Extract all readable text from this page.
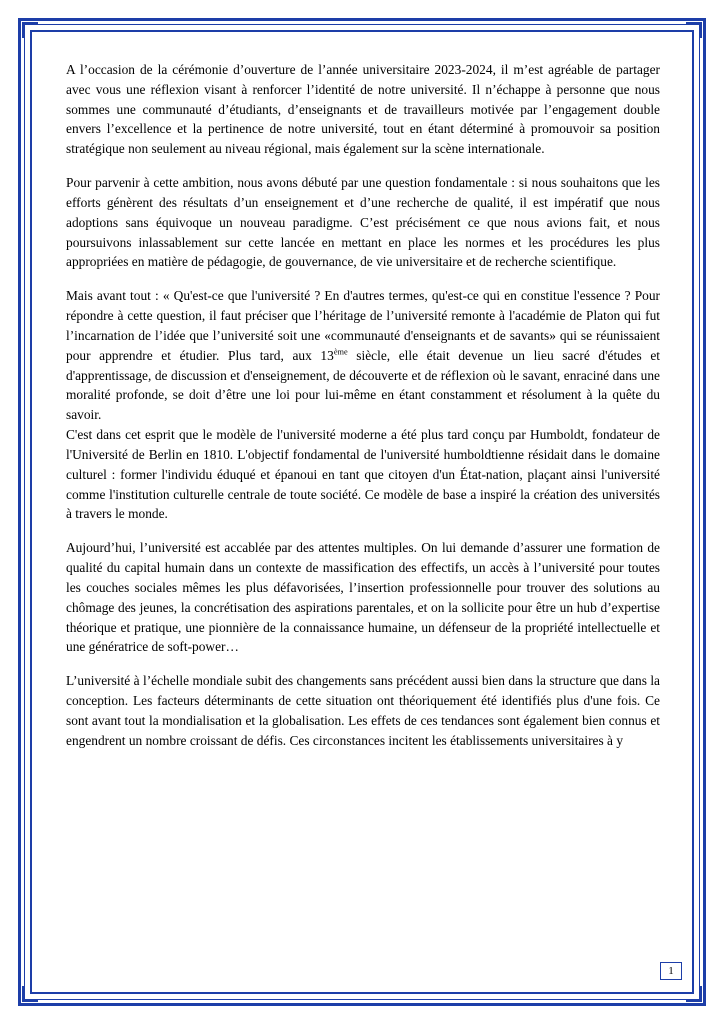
A l’occasion de la cérémonie d’ouverture de l’année universitaire 2023-2024, il m’est agréable de partager avec vous une réflexion visant à renforcer l’identité de notre université. Il n’échappe à personne que nous sommes une communauté d’étudiants, d’enseignants et de travailleurs motivée par l’engagement double envers l’excellence et la pertinence de notre université, tout en étant déterminé à promouvoir sa position stratégique non seulement au niveau régional, mais également sur la scène internationale.

Pour parvenir à cette ambition, nous avons débuté par une question fondamentale : si nous souhaitons que les efforts génèrent des résultats d’un enseignement et d’une recherche de qualité, il est impératif que nous adoptions sans équivoque un nouveau paradigme. C’est précisément ce que nous avions fait, et nous poursuivons inlassablement sur cette lancée en mettant en place les normes et les procédures les plus appropriées en matière de pédagogie, de gouvernance, de vie universitaire et de recherche scientifique.

Mais avant tout : « Qu'est-ce que l'université ? En d'autres termes, qu'est-ce qui en constitue l'essence ? Pour répondre à cette question, il faut préciser que l’héritage de l’université remonte à l'académie de Platon qui fut l’incarnation de l’idée que l’université soit une «communauté d'enseignants et de savants» qui se réunissaient pour apprendre et étudier. Plus tard, aux 13ème siècle, elle était devenue un lieu sacré d'études et d'apprentissage, de discussion et d'enseignement, de découverte et de réflexion où le savant, enraciné dans une moralité profonde, se doit d’être une loi pour lui-même en étant constamment et résolument à la quête du savoir.

C'est dans cet esprit que le modèle de l'université moderne a été plus tard conçu par Humboldt, fondateur de l'Université de Berlin en 1810. L'objectif fondamental de l'université humboldtienne résidait dans le domaine culturel : former l'individu éduqué et épanoui en tant que citoyen d'un État-nation, plaçant ainsi l'université comme l'institution culturelle centrale de toute société. Ce modèle de base a inspiré la création des universités à travers le monde.

Aujourd’hui, l’université est accablée par des attentes multiples. On lui demande d’assurer une formation de qualité du capital humain dans un contexte de massification des effectifs, un accès à l’université pour toutes les couches sociales mêmes les plus défavorisées, l’insertion professionnelle pour trouver des solutions au chômage des jeunes, la concrétisation des aspirations parentales, et on la sollicite pour être un hub d’expertise théorique et pratique, une pionnière de la connaissance humaine, un défenseur de la propriété intellectuelle et une génératrice de soft-power…

L’université à l’échelle mondiale subit des changements sans précédent aussi bien dans la structure que dans la conception. Les facteurs déterminants de cette situation ont théoriquement été identifiés plus d'une fois. Ce sont avant tout la mondialisation et la globalisation. Les effets de ces tendances sont également bien connus et engendrent un nombre croissant de défis. Ces circonstances incitent les établissements universitaires à y

1
